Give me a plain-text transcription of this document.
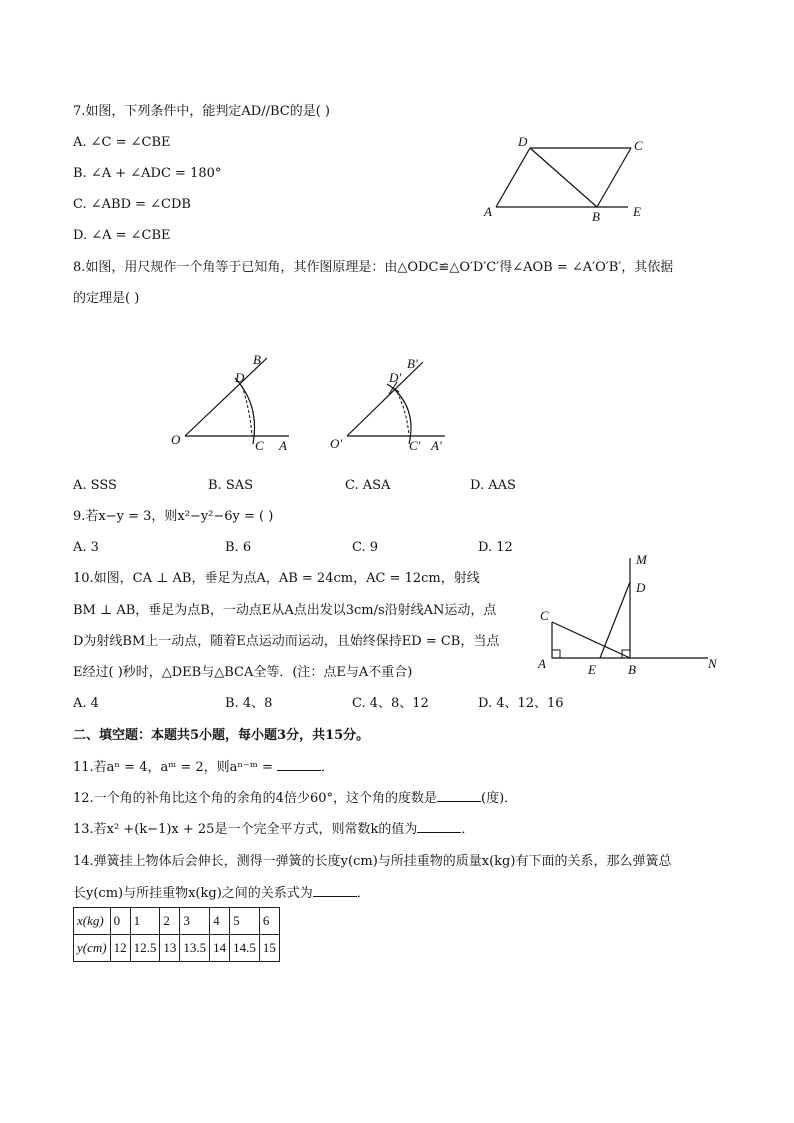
7.如图，下列条件中，能判定AD//BC的是( )
A. ∠C = ∠CBE
B. ∠A + ∠ADC = 180°
C. ∠ABD = ∠CDB
D. ∠A = ∠CBE
D	C
A	B	E
8.如图，用尺规作一个角等于已知角，其作图原理是：由△ODC≌△O′D′C′得∠AOB = ∠A′O′B′，其依据
的定理是( )
B
D
O	C A
B′
D′
O′	C′ A′
A. SSS	B. SAS	C. ASA	D. AAS
9.若x−y = 3，则x²−y²−6y = ( )
A. 3	B. 6	C. 9	D. 12
10.如图，CA ⊥ AB，垂足为点A，AB = 24cm，AC = 12cm，射线
BM ⊥ AB，垂足为点B，一动点E从A点出发以3cm/s沿射线AN运动，点
D为射线BM上一动点，随着E点运动而运动，且始终保持ED = CB，当点
E经过( )秒时，△DEB与△BCA全等．(注：点E与A不重合)
M
D
C
A	E B	N
A. 4	B. 4、8	C. 4、8、12	D. 4、12、16
二、填空题：本题共5小题，每小题3分，共15分。
11.若aⁿ = 4，aᵐ = 2，则aⁿ⁻ᵐ =	．
12.一个角的补角比这个角的余角的4倍少60°，这个角的度数是	(度)．
13.若x² +(k−1)x + 25是一个完全平方式，则常数k的值为	．
14.弹簧挂上物体后会伸长，测得一弹簧的长度y(cm)与所挂重物的质量x(kg)有下面的关系，那么弹簧总
长y(cm)与所挂重物x(kg)之间的关系式为	．
x(kg)	0	1	2	3	4	5	6
y(cm)	12	12.5	13	13.5	14	14.5	15
